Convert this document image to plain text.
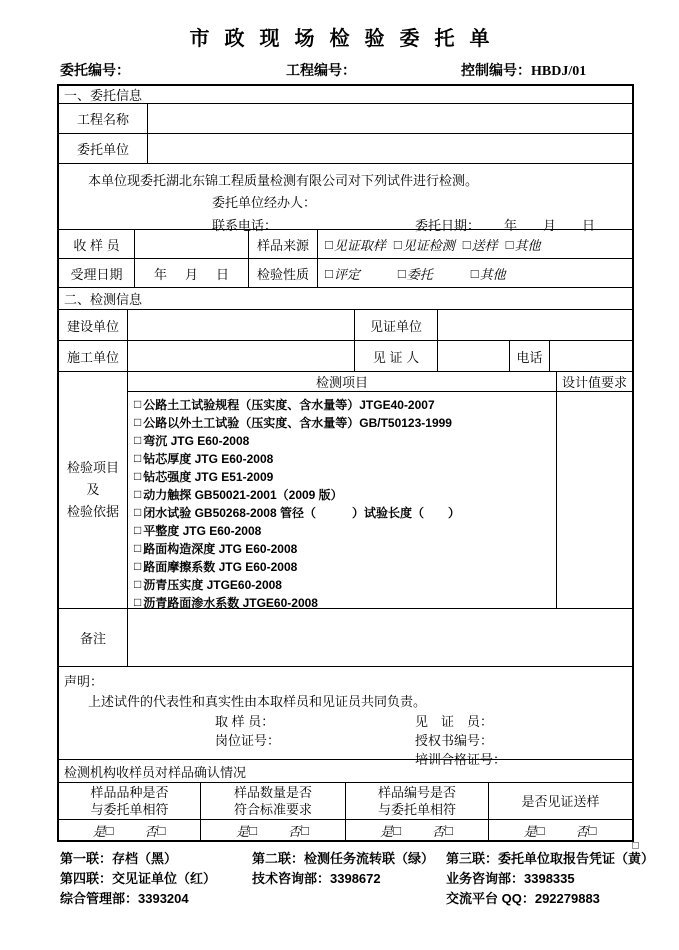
市政现场检验委托单
委托编号：	工程编号：	控制编号：HBDJ/01
一、委托信息
工程名称
委托单位
本单位现委托湖北东锦工程质量检测有限公司对下列试件进行检测。
委托单位经办人：
联系电话：	委托日期： 年 月 日
收 样 员	样品来源	□ 见证取样 □ 见证检测 □ 送样 □ 其他
受理日期	年 月 日	检验性质	□ 评定	□ 委托	□ 其他
二、检测信息
建设单位	见证单位
施工单位	见 证 人	电话
检验项目
及
检验依据
检测项目
□ 公路土工试验规程（压实度、含水量等）JTGE40-2007
□ 公路以外土工试验（压实度、含水量等）GB/T50123-1999
□ 弯沉 JTG E60-2008
□ 钻芯厚度 JTG E60-2008
□ 钻芯强度 JTG E51-2009
□ 动力触探 GB50021-2001（2009 版）
□ 闭水试验 GB50268-2008 管径（　　　）试验长度（　　）
□ 平整度 JTG E60-2008
□ 路面构造深度 JTG E60-2008
□ 路面摩擦系数 JTG E60-2008
□ 沥青压实度 JTGE60-2008
□ 沥青路面渗水系数 JTGE60-2008
设计值要求
备注
声明：
上述试件的代表性和真实性由本取样员和见证员共同负责。
取 样 员：	见　证　员：
岗位证号：	授权书编号：
培训合格证号：
检测机构收样员对样品确认情况
样品品种是否
与委托单相符
样品数量是否
符合标准要求
样品编号是否
与委托单相符
是否见证送样
是 □ 否 □	是 □ 否 □	是 □ 否 □	是 □ 否 □
第一联：存档（黑）
第四联：交见证单位（红）
综合管理部：3393204
第二联：检测任务流转联（绿）
技术咨询部：3398672
第三联：委托单位取报告凭证（黄）
业务咨询部：3398335
交流平台 QQ：292279883
